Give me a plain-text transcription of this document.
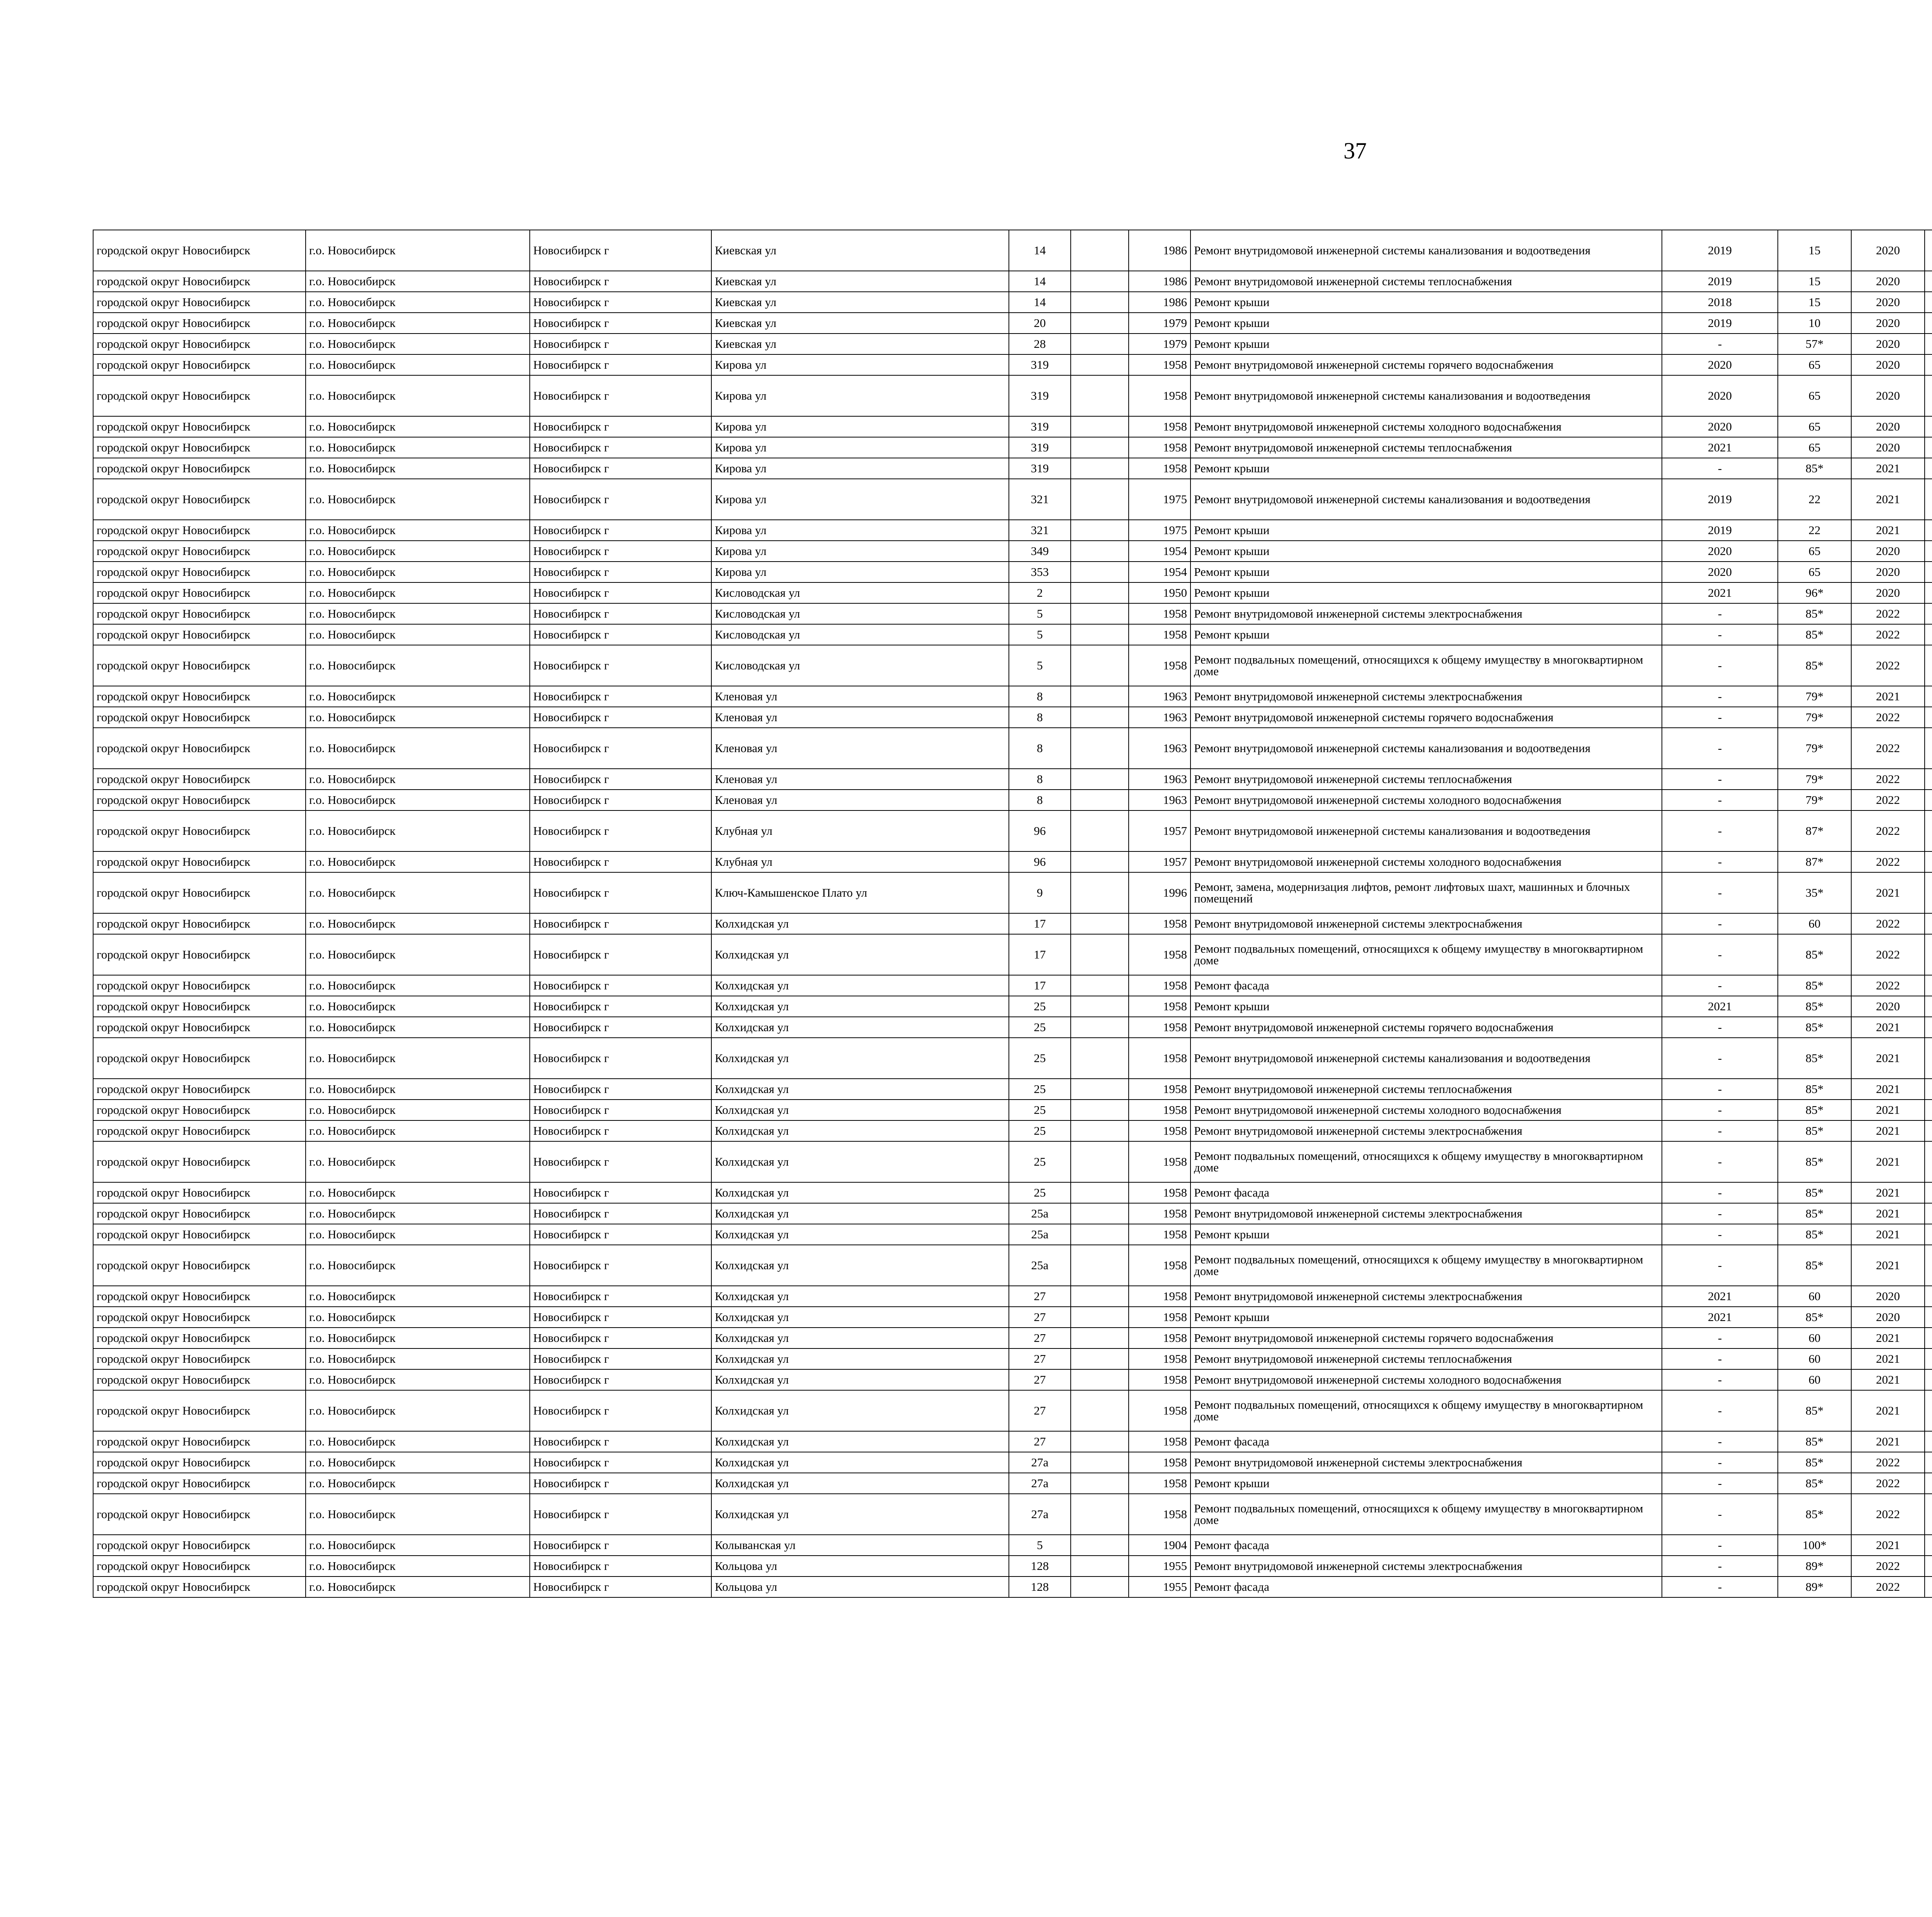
37
городской округ Новосибирск	г.о. Новосибирск	Новосибирск г	Киевская ул	14		1986	Ремонт внутридомовой инженерной системы канализования и водоотведения	2019	15	2020						
городской округ Новосибирск	г.о. Новосибирск	Новосибирск г	Киевская ул	14		1986	Ремонт внутридомовой инженерной системы теплоснабжения	2019	15	2020						
городской округ Новосибирск	г.о. Новосибирск	Новосибирск г	Киевская ул	14		1986	Ремонт крыши	2018	15	2020						
городской округ Новосибирск	г.о. Новосибирск	Новосибирск г	Киевская ул	20		1979	Ремонт крыши	2019	10	2020						
городской округ Новосибирск	г.о. Новосибирск	Новосибирск г	Киевская ул	28		1979	Ремонт крыши	-	57*	2020						
городской округ Новосибирск	г.о. Новосибирск	Новосибирск г	Кирова ул	319		1958	Ремонт внутридомовой инженерной системы горячего водоснабжения	2020	65	2020						
городской округ Новосибирск	г.о. Новосибирск	Новосибирск г	Кирова ул	319		1958	Ремонт внутридомовой инженерной системы канализования и водоотведения	2020	65	2020						
городской округ Новосибирск	г.о. Новосибирск	Новосибирск г	Кирова ул	319		1958	Ремонт внутридомовой инженерной системы холодного водоснабжения	2020	65	2020						
городской округ Новосибирск	г.о. Новосибирск	Новосибирск г	Кирова ул	319		1958	Ремонт внутридомовой инженерной системы теплоснабжения	2021	65	2020						
городской округ Новосибирск	г.о. Новосибирск	Новосибирск г	Кирова ул	319		1958	Ремонт крыши	-	85*	2021						
городской округ Новосибирск	г.о. Новосибирск	Новосибирск г	Кирова ул	321		1975	Ремонт внутридомовой инженерной системы канализования и водоотведения	2019	22	2021						
городской округ Новосибирск	г.о. Новосибирск	Новосибирск г	Кирова ул	321		1975	Ремонт крыши	2019	22	2021						
городской округ Новосибирск	г.о. Новосибирск	Новосибирск г	Кирова ул	349		1954	Ремонт крыши	2020	65	2020						
городской округ Новосибирск	г.о. Новосибирск	Новосибирск г	Кирова ул	353		1954	Ремонт крыши	2020	65	2020						
городской округ Новосибирск	г.о. Новосибирск	Новосибирск г	Кисловодская ул	2		1950	Ремонт крыши	2021	96*	2020						
городской округ Новосибирск	г.о. Новосибирск	Новосибирск г	Кисловодская ул	5		1958	Ремонт внутридомовой инженерной системы электроснабжения	-	85*	2022						
городской округ Новосибирск	г.о. Новосибирск	Новосибирск г	Кисловодская ул	5		1958	Ремонт крыши	-	85*	2022						
городской округ Новосибирск	г.о. Новосибирск	Новосибирск г	Кисловодская ул	5		1958	Ремонт подвальных помещений, относящихся к общему имуществу в многоквартирном доме	-	85*	2022						
городской округ Новосибирск	г.о. Новосибирск	Новосибирск г	Кленовая ул	8		1963	Ремонт внутридомовой инженерной системы электроснабжения	-	79*	2021						
городской округ Новосибирск	г.о. Новосибирск	Новосибирск г	Кленовая ул	8		1963	Ремонт внутридомовой инженерной системы горячего водоснабжения	-	79*	2022						
городской округ Новосибирск	г.о. Новосибирск	Новосибирск г	Кленовая ул	8		1963	Ремонт внутридомовой инженерной системы канализования и водоотведения	-	79*	2022						
городской округ Новосибирск	г.о. Новосибирск	Новосибирск г	Кленовая ул	8		1963	Ремонт внутридомовой инженерной системы теплоснабжения	-	79*	2022						
городской округ Новосибирск	г.о. Новосибирск	Новосибирск г	Кленовая ул	8		1963	Ремонт внутридомовой инженерной системы холодного водоснабжения	-	79*	2022						
городской округ Новосибирск	г.о. Новосибирск	Новосибирск г	Клубная ул	96		1957	Ремонт внутридомовой инженерной системы канализования и водоотведения	-	87*	2022						
городской округ Новосибирск	г.о. Новосибирск	Новосибирск г	Клубная ул	96		1957	Ремонт внутридомовой инженерной системы холодного водоснабжения	-	87*	2022						
городской округ Новосибирск	г.о. Новосибирск	Новосибирск г	Ключ-Камышенское Плато ул	9		1996	Ремонт, замена, модернизация лифтов, ремонт лифтовых шахт, машинных и блочных помещений	-	35*	2021						
городской округ Новосибирск	г.о. Новосибирск	Новосибирск г	Колхидская ул	17		1958	Ремонт внутридомовой инженерной системы электроснабжения	-	60	2022						
городской округ Новосибирск	г.о. Новосибирск	Новосибирск г	Колхидская ул	17		1958	Ремонт подвальных помещений, относящихся к общему имуществу в многоквартирном доме	-	85*	2022						
городской округ Новосибирск	г.о. Новосибирск	Новосибирск г	Колхидская ул	17		1958	Ремонт фасада	-	85*	2022						
городской округ Новосибирск	г.о. Новосибирск	Новосибирск г	Колхидская ул	25		1958	Ремонт крыши	2021	85*	2020						
городской округ Новосибирск	г.о. Новосибирск	Новосибирск г	Колхидская ул	25		1958	Ремонт внутридомовой инженерной системы горячего водоснабжения	-	85*	2021						
городской округ Новосибирск	г.о. Новосибирск	Новосибирск г	Колхидская ул	25		1958	Ремонт внутридомовой инженерной системы канализования и водоотведения	-	85*	2021						
городской округ Новосибирск	г.о. Новосибирск	Новосибирск г	Колхидская ул	25		1958	Ремонт внутридомовой инженерной системы теплоснабжения	-	85*	2021						
городской округ Новосибирск	г.о. Новосибирск	Новосибирск г	Колхидская ул	25		1958	Ремонт внутридомовой инженерной системы холодного водоснабжения	-	85*	2021						
городской округ Новосибирск	г.о. Новосибирск	Новосибирск г	Колхидская ул	25		1958	Ремонт внутридомовой инженерной системы электроснабжения	-	85*	2021						
городской округ Новосибирск	г.о. Новосибирск	Новосибирск г	Колхидская ул	25		1958	Ремонт подвальных помещений, относящихся к общему имуществу в многоквартирном доме	-	85*	2021						
городской округ Новосибирск	г.о. Новосибирск	Новосибирск г	Колхидская ул	25		1958	Ремонт фасада	-	85*	2021						
городской округ Новосибирск	г.о. Новосибирск	Новосибирск г	Колхидская ул	25а		1958	Ремонт внутридомовой инженерной системы электроснабжения	-	85*	2021						
городской округ Новосибирск	г.о. Новосибирск	Новосибирск г	Колхидская ул	25а		1958	Ремонт крыши	-	85*	2021						
городской округ Новосибирск	г.о. Новосибирск	Новосибирск г	Колхидская ул	25а		1958	Ремонт подвальных помещений, относящихся к общему имуществу в многоквартирном доме	-	85*	2021						
городской округ Новосибирск	г.о. Новосибирск	Новосибирск г	Колхидская ул	27		1958	Ремонт внутридомовой инженерной системы электроснабжения	2021	60	2020						
городской округ Новосибирск	г.о. Новосибирск	Новосибирск г	Колхидская ул	27		1958	Ремонт крыши	2021	85*	2020						
городской округ Новосибирск	г.о. Новосибирск	Новосибирск г	Колхидская ул	27		1958	Ремонт внутридомовой инженерной системы горячего водоснабжения	-	60	2021						
городской округ Новосибирск	г.о. Новосибирск	Новосибирск г	Колхидская ул	27		1958	Ремонт внутридомовой инженерной системы теплоснабжения	-	60	2021						
городской округ Новосибирск	г.о. Новосибирск	Новосибирск г	Колхидская ул	27		1958	Ремонт внутридомовой инженерной системы холодного водоснабжения	-	60	2021						
городской округ Новосибирск	г.о. Новосибирск	Новосибирск г	Колхидская ул	27		1958	Ремонт подвальных помещений, относящихся к общему имуществу в многоквартирном доме	-	85*	2021						
городской округ Новосибирск	г.о. Новосибирск	Новосибирск г	Колхидская ул	27		1958	Ремонт фасада	-	85*	2021						
городской округ Новосибирск	г.о. Новосибирск	Новосибирск г	Колхидская ул	27а		1958	Ремонт внутридомовой инженерной системы электроснабжения	-	85*	2022						
городской округ Новосибирск	г.о. Новосибирск	Новосибирск г	Колхидская ул	27а		1958	Ремонт крыши	-	85*	2022						
городской округ Новосибирск	г.о. Новосибирск	Новосибирск г	Колхидская ул	27а		1958	Ремонт подвальных помещений, относящихся к общему имуществу в многоквартирном доме	-	85*	2022						
городской округ Новосибирск	г.о. Новосибирск	Новосибирск г	Колыванская ул	5		1904	Ремонт фасада	-	100*	2021						
городской округ Новосибирск	г.о. Новосибирск	Новосибирск г	Кольцова ул	128		1955	Ремонт внутридомовой инженерной системы электроснабжения	-	89*	2022						
городской округ Новосибирск	г.о. Новосибирск	Новосибирск г	Кольцова ул	128		1955	Ремонт фасада	-	89*	2022						
